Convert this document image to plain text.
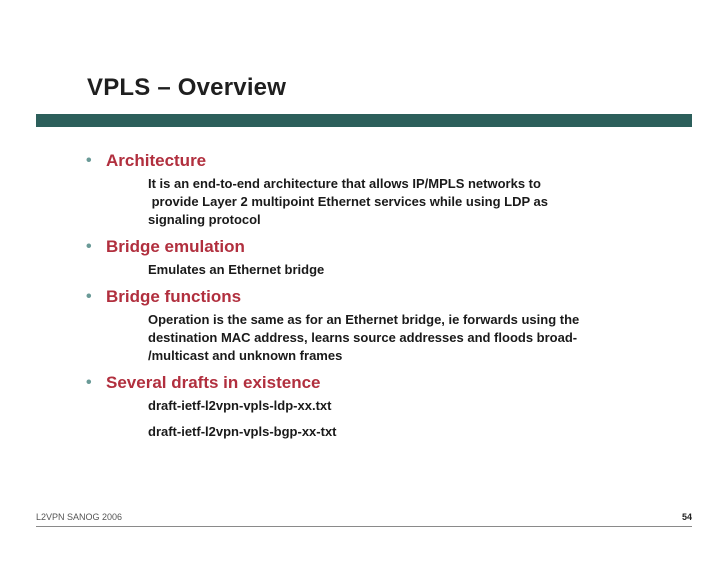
VPLS – Overview
• Architecture
It is an end-to-end architecture that allows IP/MPLS networks to
provide Layer 2 multipoint Ethernet services while using LDP as
signaling protocol
• Bridge emulation
Emulates an Ethernet bridge
• Bridge functions
Operation is the same as for an Ethernet bridge, ie forwards using the
destination MAC address, learns source addresses and floods broad-
/multicast and unknown frames
• Several drafts in existence
draft-ietf-l2vpn-vpls-ldp-xx.txt
draft-ietf-l2vpn-vpls-bgp-xx-txt
L2VPN SANOG 2006	54
